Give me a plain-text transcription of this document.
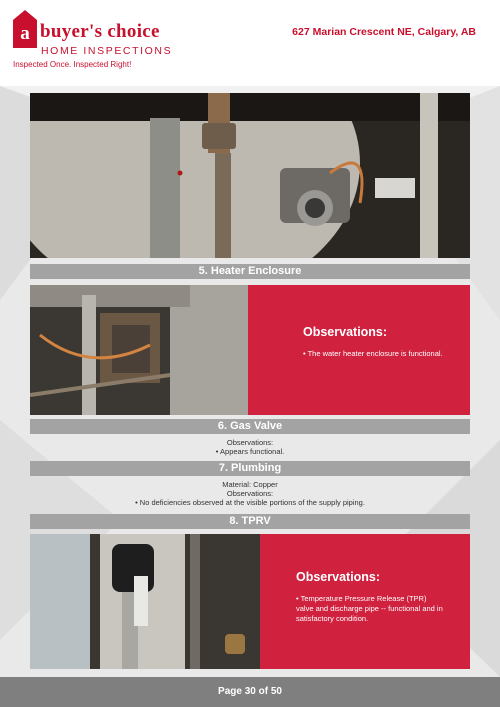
a buyer's choice
HOME INSPECTIONS
Inspected Once. Inspected Right!
627 Marian Crescent NE, Calgary, AB
5. Heater Enclosure
Observations:
• The water heater enclosure is functional.
6. Gas Valve
Observations:
• Appears functional.
7. Plumbing
Material: Copper
Observations:
• No deficiencies observed at the visible portions of the supply piping.
8. TPRV
Observations:
• Temperature Pressure Release (TPR) valve and discharge pipe -- functional and in satisfactory condition.
Page 30 of 50
